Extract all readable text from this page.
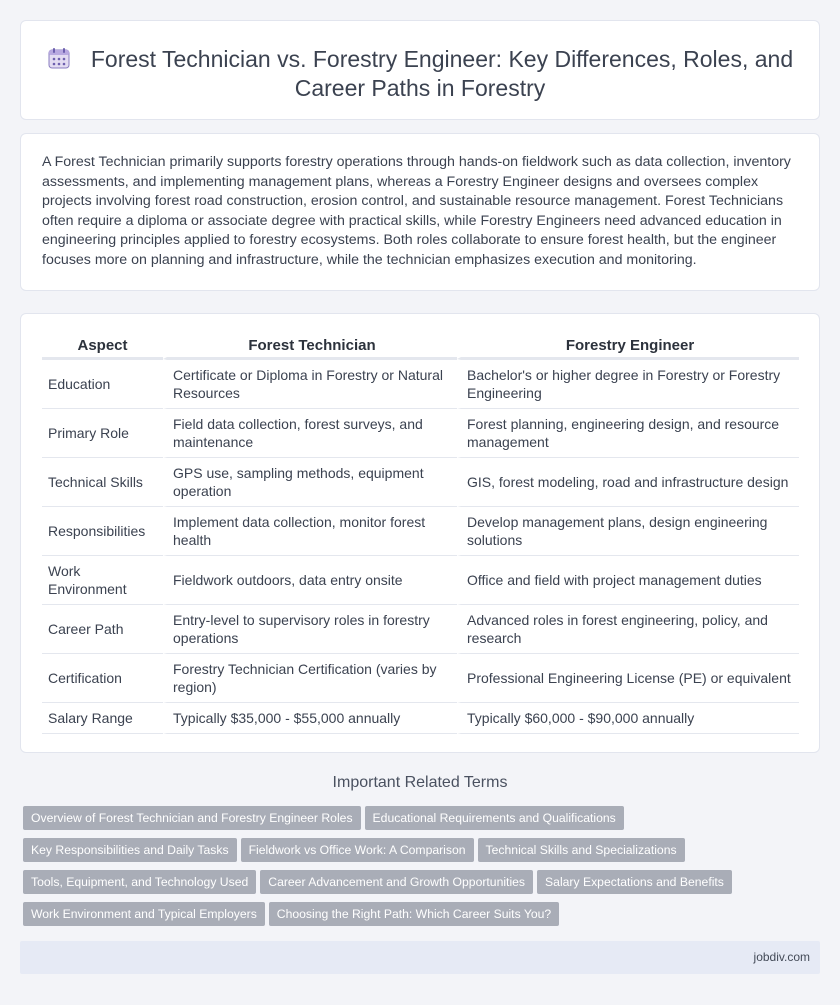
Forest Technician vs. Forestry Engineer: Key Differences, Roles, and Career Paths in Forestry

A Forest Technician primarily supports forestry operations through hands-on fieldwork such as data collection, inventory assessments, and implementing management plans, whereas a Forestry Engineer designs and oversees complex projects involving forest road construction, erosion control, and sustainable resource management. Forest Technicians often require a diploma or associate degree with practical skills, while Forestry Engineers need advanced education in engineering principles applied to forestry ecosystems. Both roles collaborate to ensure forest health, but the engineer focuses more on planning and infrastructure, while the technician emphasizes execution and monitoring.

Aspect	Forest Technician	Forestry Engineer
Education	Certificate or Diploma in Forestry or Natural Resources	Bachelor's or higher degree in Forestry or Forestry Engineering
Primary Role	Field data collection, forest surveys, and maintenance	Forest planning, engineering design, and resource management
Technical Skills	GPS use, sampling methods, equipment operation	GIS, forest modeling, road and infrastructure design
Responsibilities	Implement data collection, monitor forest health	Develop management plans, design engineering solutions
Work Environment	Fieldwork outdoors, data entry onsite	Office and field with project management duties
Career Path	Entry-level to supervisory roles in forestry operations	Advanced roles in forest engineering, policy, and research
Certification	Forestry Technician Certification (varies by region)	Professional Engineering License (PE) or equivalent
Salary Range	Typically $35,000 - $55,000 annually	Typically $60,000 - $90,000 annually
Important Related Terms
Overview of Forest Technician and Forestry Engineer Roles Educational Requirements and Qualifications
Key Responsibilities and Daily Tasks Fieldwork vs Office Work: A Comparison Technical Skills and Specializations
Tools, Equipment, and Technology Used Career Advancement and Growth Opportunities Salary Expectations and Benefits
Work Environment and Typical Employers Choosing the Right Path: Which Career Suits You?
jobdiv.com
